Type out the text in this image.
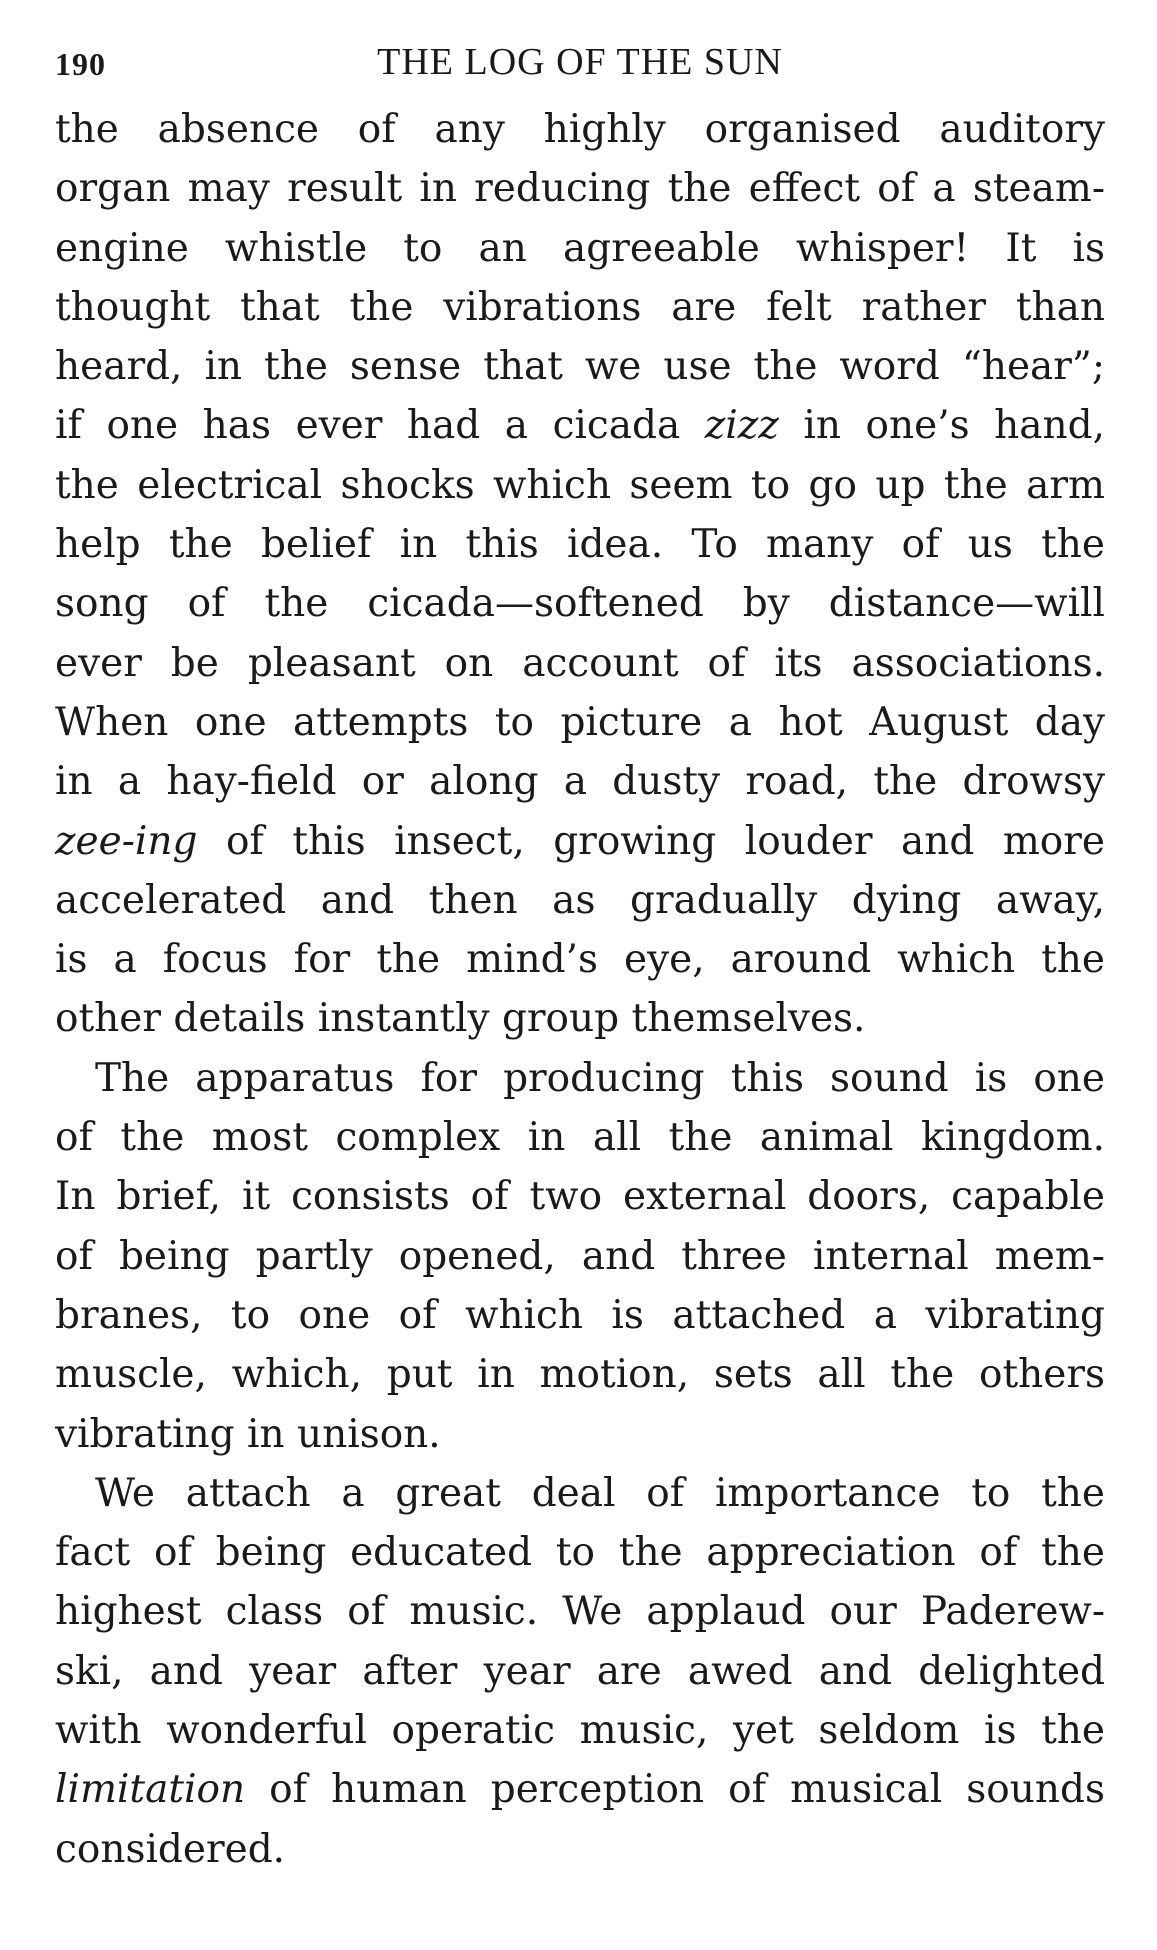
190	THE LOG OF THE SUN
the absence of any highly organised auditory
organ may result in reducing the effect of a steam-
engine whistle to an agreeable whisper! It is
thought that the vibrations are felt rather than
heard, in the sense that we use the word “hear”;
if one has ever had a cicada zizz in one’s hand,
the electrical shocks which seem to go up the arm
help the belief in this idea. To many of us the
song of the cicada—softened by distance—will
ever be pleasant on account of its associations.
When one attempts to picture a hot August day
in a hay-field or along a dusty road, the drowsy
zee-ing of this insect, growing louder and more
accelerated and then as gradually dying away,
is a focus for the mind’s eye, around which the
other details instantly group themselves.
The apparatus for producing this sound is one
of the most complex in all the animal kingdom.
In brief, it consists of two external doors, capable
of being partly opened, and three internal mem-
branes, to one of which is attached a vibrating
muscle, which, put in motion, sets all the others
vibrating in unison.
We attach a great deal of importance to the
fact of being educated to the appreciation of the
highest class of music. We applaud our Paderew-
ski, and year after year are awed and delighted
with wonderful operatic music, yet seldom is the
limitation of human perception of musical sounds
considered.
